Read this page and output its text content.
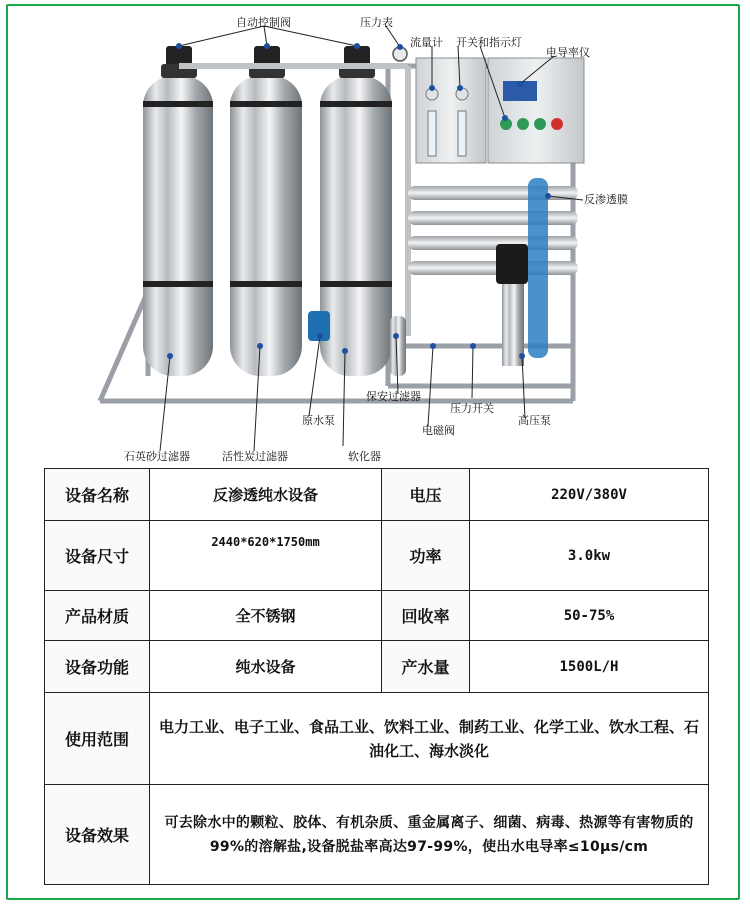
自动控制阀	压力表
流量计 开关和指示灯
电导率仪
反渗透膜
石英砂过滤器	活性炭过滤器
原水泵
软化器
保安过滤器
电磁阀
压力开关
高压泵
设备名称	反渗透纯水设备	电压	220V/380V
设备尺寸	2440*620*1750mm	功率	3.0kw
产品材质	全不锈钢	回收率	50-75%
设备功能	纯水设备	产水量	1500L/H
使用范围	电力工业、电子工业、食品工业、饮料工业、制药工业、化学工业、饮水工程、石油化工、海水淡化		
设备效果	可去除水中的颗粒、胶体、有机杂质、重金属离子、细菌、病毒、热源等有害物质的99%的溶解盐,设备脱盐率高达97-99%，使出水电导率≤10μs/cm		
